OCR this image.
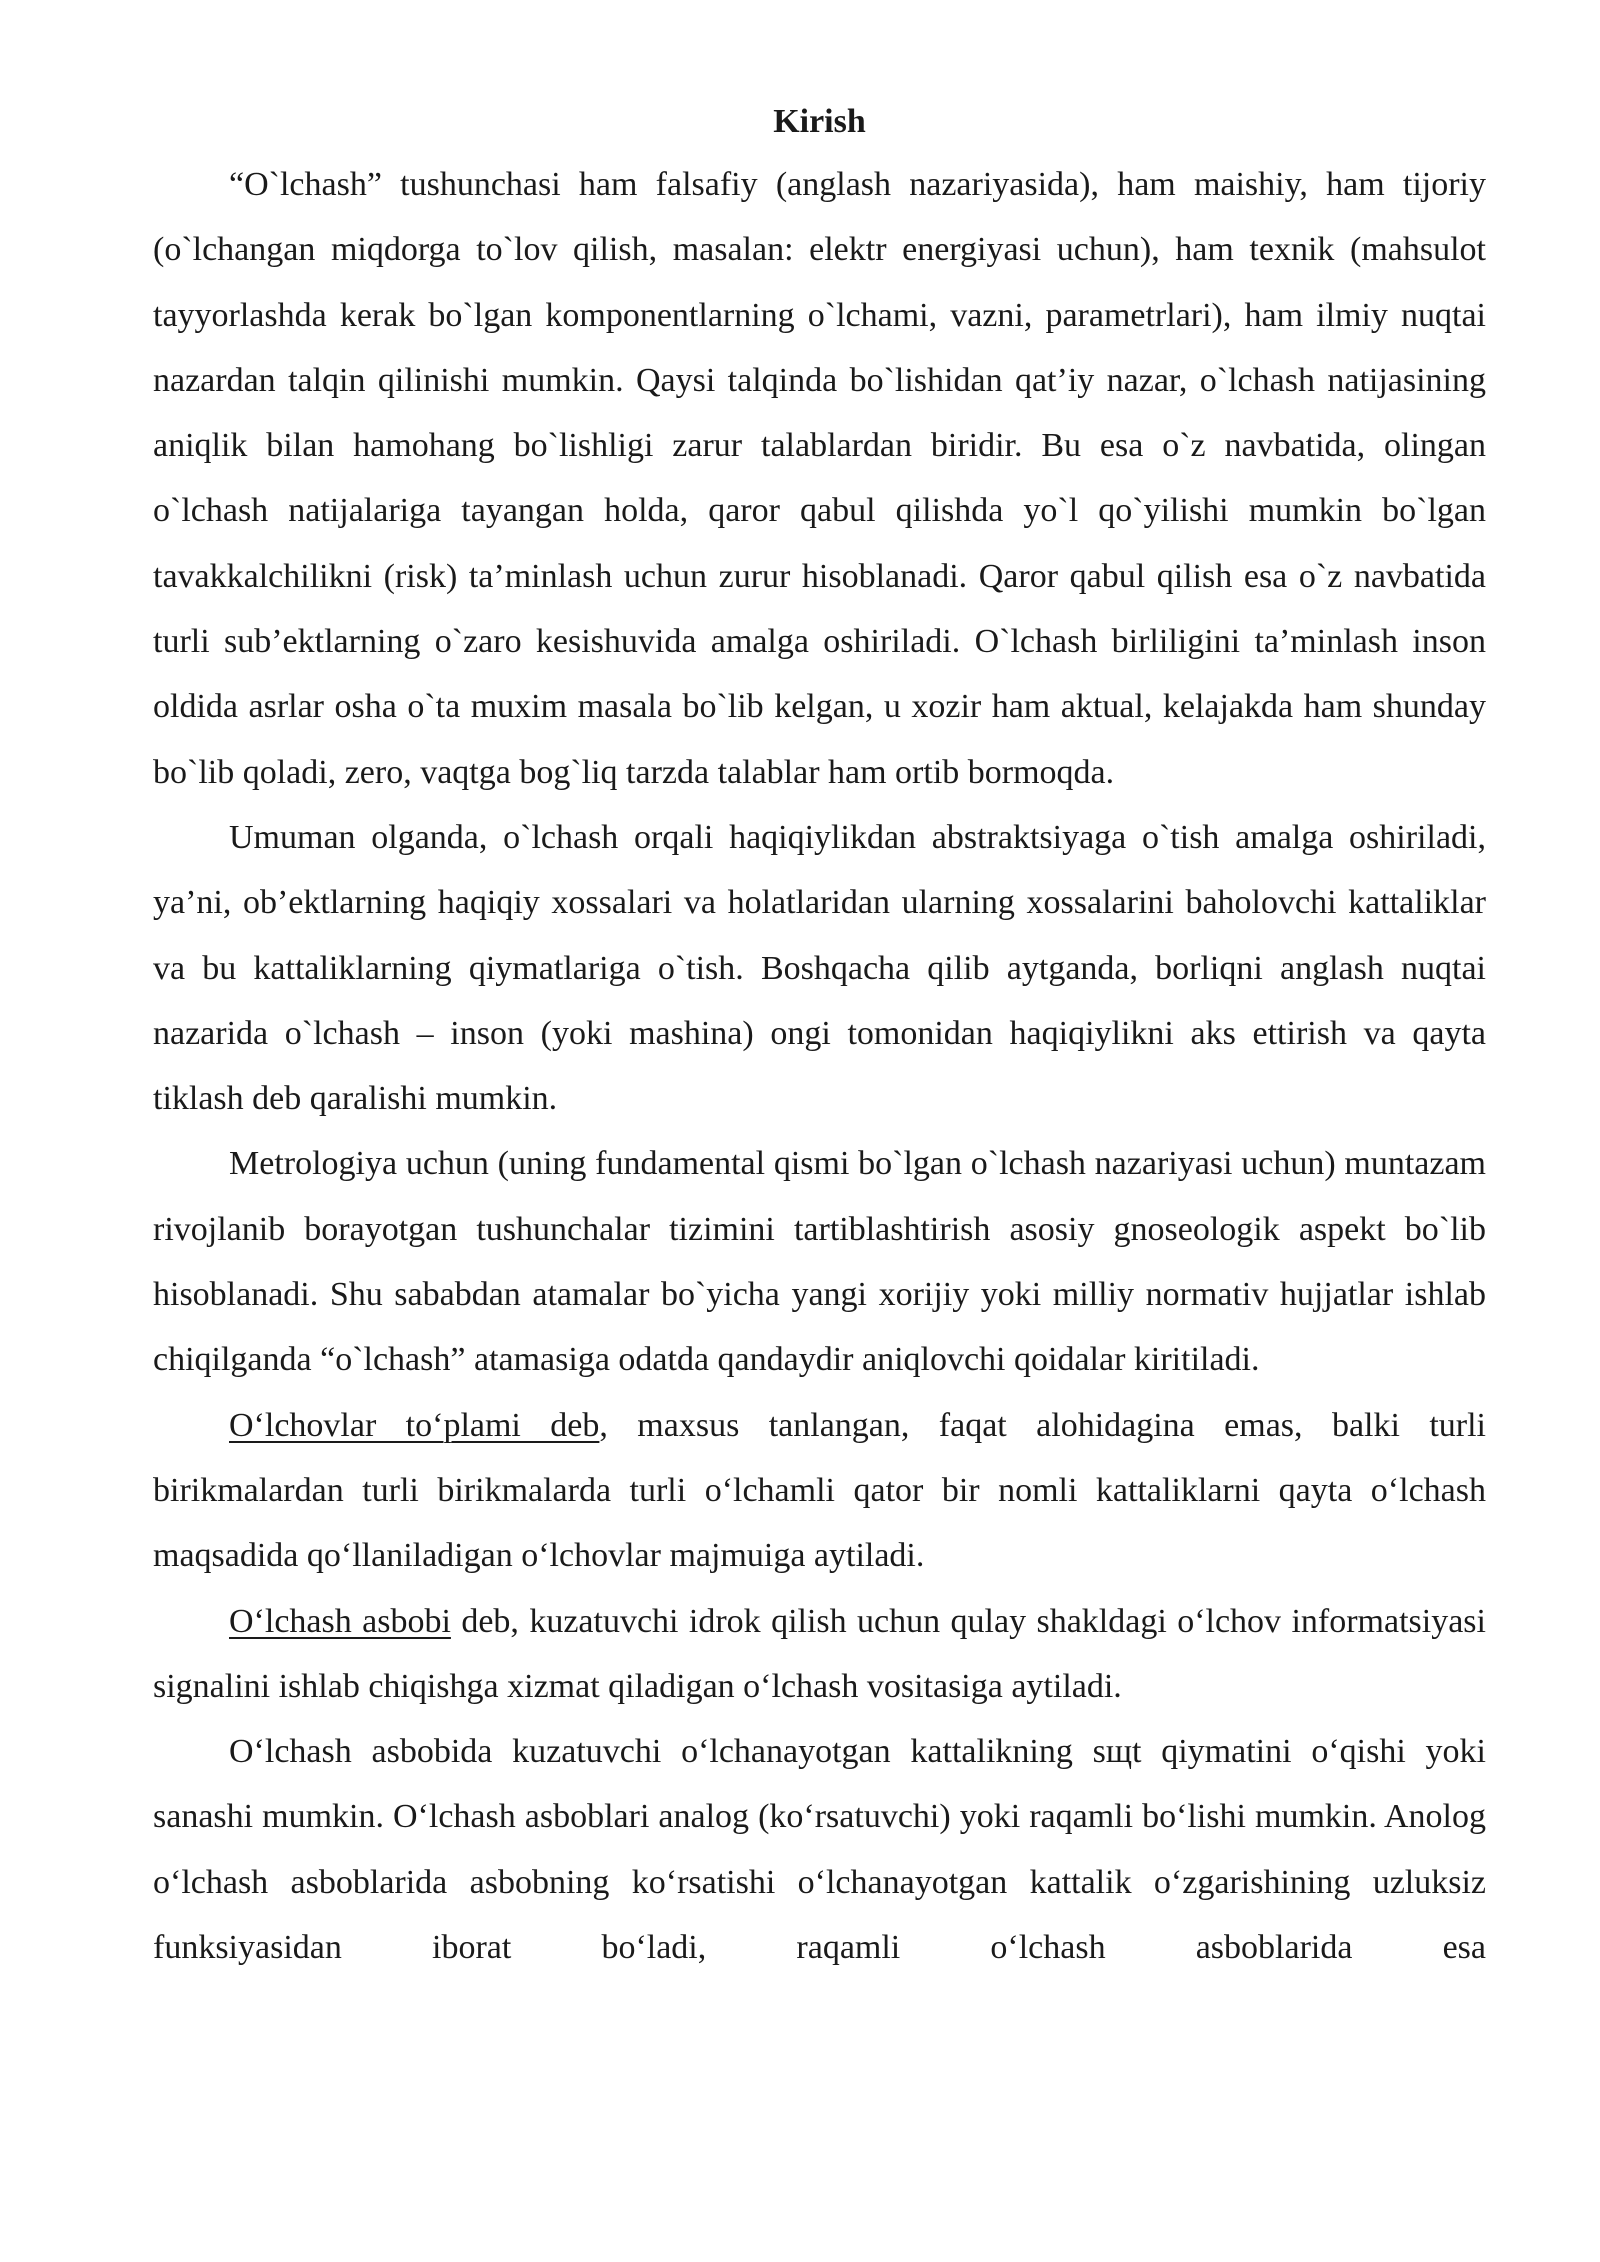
Kirish

“O`lchash” tushunchasi ham falsafiy (anglash nazariyasida), ham maishiy, ham tijoriy (o`lchangan miqdorga to`lov qilish, masalan: elektr energiyasi uchun), ham texnik (mahsulot tayyorlashda kerak bo`lgan komponentlarning o`lchami, vazni, parametrlari), ham ilmiy nuqtai nazardan talqin qilinishi mumkin. Qaysi talqinda bo`lishidan qat’iy nazar, o`lchash natijasining aniqlik bilan hamohang bo`lishligi zarur talablardan biridir. Bu esa o`z navbatida, olingan o`lchash natijalariga tayangan holda, qaror qabul qilishda yo`l qo`yilishi mumkin bo`lgan tavakkalchilikni (risk) ta’minlash uchun zurur hisoblanadi. Qaror qabul qilish esa o`z navbatida turli sub’ektlarning o`zaro kesishuvida amalga oshiriladi. O`lchash birliligini ta’minlash inson oldida asrlar osha o`ta muxim masala bo`lib kelgan, u xozir ham aktual, kelajakda ham shunday bo`lib qoladi, zero, vaqtga bog`liq tarzda talablar ham ortib bormoqda.

Umuman olganda, o`lchash orqali haqiqiylikdan abstraktsiyaga o`tish amalga oshiriladi, ya’ni, ob’ektlarning haqiqiy xossalari va holatlaridan ularning xossalarini baholovchi kattaliklar va bu kattaliklarning qiymatlariga o`tish. Boshqacha qilib aytganda, borliqni anglash nuqtai nazarida o`lchash – inson (yoki mashina) ongi tomonidan haqiqiylikni aks ettirish va qayta tiklash deb qaralishi mumkin.

Metrologiya uchun (uning fundamental qismi bo`lgan o`lchash nazariyasi uchun) muntazam rivojlanib borayotgan tushunchalar tizimini tartiblashtirish asosiy gnoseologik aspekt bo`lib hisoblanadi. Shu sababdan atamalar bo`yicha yangi xorijiy yoki milliy normativ hujjatlar ishlab chiqilganda “o`lchash” atamasiga odatda qandaydir aniqlovchi qoidalar kiritiladi.

O‘lchovlar to‘plami deb, maxsus tanlangan, faqat alohidagina emas, balki turli birikmalardan turli birikmalarda turli o‘lchamli qator bir nomli kattaliklarni qayta o‘lchash maqsadida qo‘llaniladigan o‘lchovlar majmuiga aytiladi.

O‘lchash asbobi deb, kuzatuvchi idrok qilish uchun qulay shakldagi o‘lchov informatsiyasi signalini ishlab chiqishga xizmat qiladigan o‘lchash vositasiga aytiladi.

O‘lchash asbobida kuzatuvchi o‘lchanayotgan kattalikning sщt qiymatini o‘qishi yoki sanashi mumkin. O‘lchash asboblari analog (ko‘rsatuvchi) yoki raqamli bo‘lishi mumkin. Anolog o‘lchash asboblarida asbobning ko‘rsatishi o‘lchanayotgan kattalik o‘zgarishining uzluksiz funksiyasidan iborat bo‘ladi, raqamli o‘lchash asboblarida esa
